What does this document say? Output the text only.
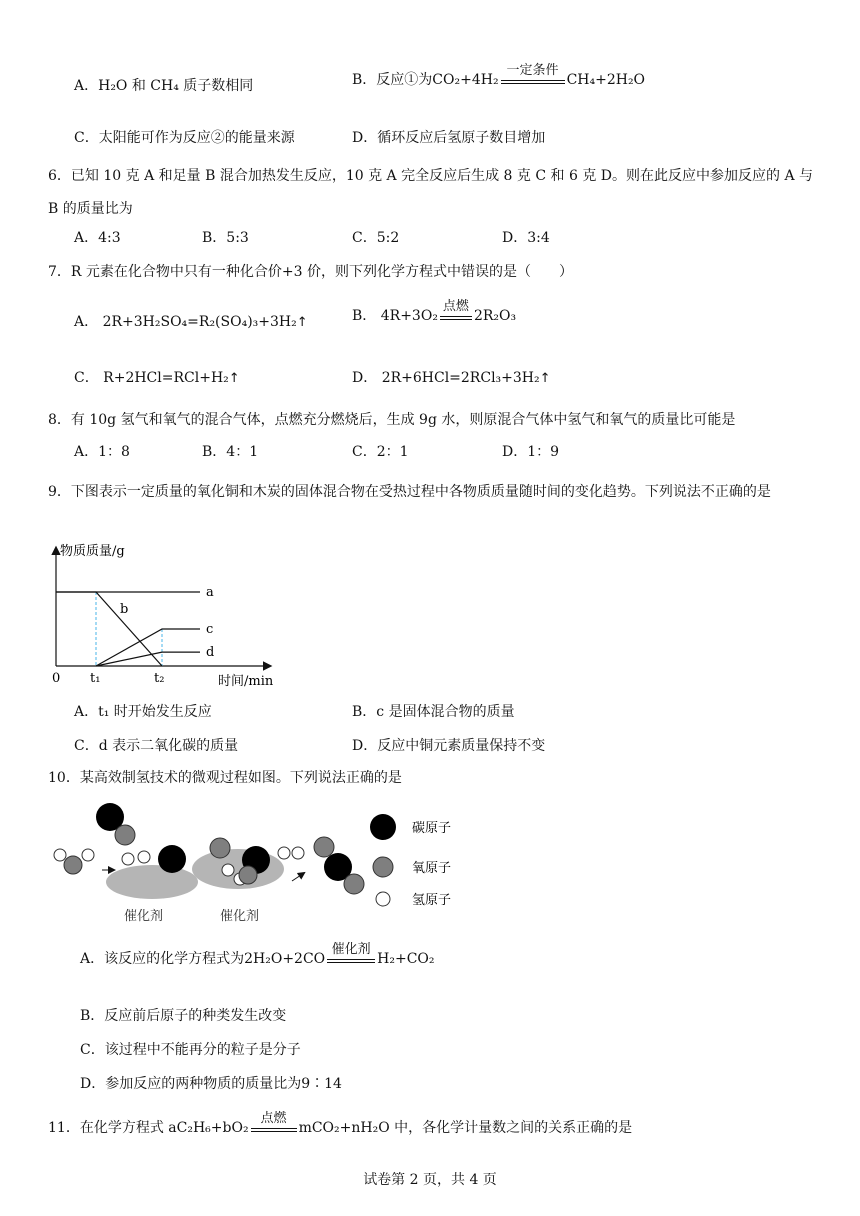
A．H₂O 和 CH₄ 质子数相同	B．反应①为CO₂+4H₂
一定条件
CH₄+2H₂O
C．太阳能可作为反应②的能量来源	D．循环反应后氢原子数目增加
6．已知 10 克 A 和足量 B 混合加热发生反应，10 克 A 完全反应后生成 8 克 C 和 6 克 D。则在此反应中参加反应的 A 与 B 的质量比为
A．4:3	B．5:3	C．5:2	D．3:4
7．R 元素在化合物中只有一种化合价+3 价，则下列化学方程式中错误的是（　　）
A． 2R+3H₂SO₄=R₂(SO₄)₃+3H₂↑	B． 4R+3O₂
点燃
2R₂O₃
C． R+2HCl=RCl+H₂↑	D． 2R+6HCl=2RCl₃+3H₂↑
8．有 10g 氢气和氧气的混合气体，点燃充分燃烧后，生成 9g 水，则原混合气体中氢气和氧气的质量比可能是
A．1：8	B．4：1	C．2：1	D．1：9
9．下图表示一定质量的氧化铜和木炭的固体混合物在受热过程中各物质质量随时间的变化趋势。下列说法不正确的是
物质质量/g
时间/min
0 t₁	t₂
a
b
c
d
A．t₁ 时开始发生反应	B．c 是固体混合物的质量
C．d 表示二氧化碳的质量	D．反应中铜元素质量保持不变
10．某高效制氢技术的微观过程如图。下列说法正确的是
碳原子
氧原子
氢原子
催化剂	催化剂
A．该反应的化学方程式为2H₂O+2CO
催化剂
H₂+CO₂
B．反应前后原子的种类发生改变
C．该过程中不能再分的粒子是分子
D．参加反应的两种物质的质量比为9∶14
11．在化学方程式 aC₂H₆+bO₂
点燃
mCO₂+nH₂O 中，各化学计量数之间的关系正确的是
试卷第 2 页，共 4 页
